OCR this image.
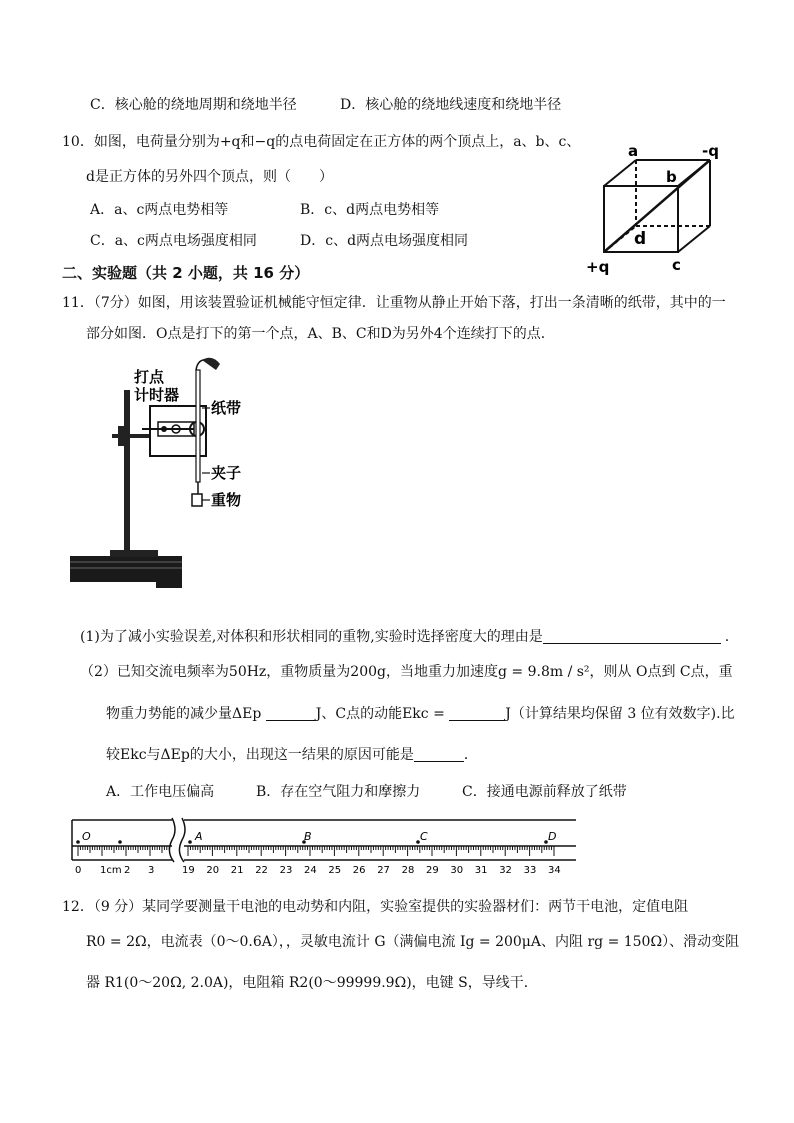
C．核心舱的绕地周期和绕地半径	D．核心舱的绕地线速度和绕地半径
10．如图，电荷量分别为+q和−q的点电荷固定在正方体的两个顶点上，a、b、c、
d是正方体的另外四个顶点，则（　　）
A．a、c两点电势相等	B．c、d两点电势相等
C．a、c两点电场强度相同	D．c、d两点电场强度相同
a	-q
b
d
c
+q
二、实验题（共 2 小题，共 16 分）
11．（7分）如图，用该装置验证机械能守恒定律．让重物从静止开始下落，打出一条清晰的纸带，其中的一
部分如图．O点是打下的第一个点，A、B、C和D为另外4个连续打下的点．
打点
计时器
纸带
夹子
重物
(1)为了减小实验误差,对体积和形状相同的重物,实验时选择密度大的理由是	.
（2）已知交流电频率为50Hz，重物质量为200g，当地重力加速度g = 9.8m / s²，则从 O点到 C点，重
物重力势能的减少量ΔEp	J、C点的动能Ekc =	J（计算结果均保留 3 位有效数字).比
较Ekc与ΔEp的大小，出现这一结果的原因可能是	．
A．工作电压偏高	B．存在空气阻力和摩擦力	C．接通电源前释放了纸带
O	A	B	C	D
0 1cm 2 3	19 20 21 22 23 24 25 26 27 28 29 30 31 32 33 34
12．（9 分）某同学要测量干电池的电动势和内阻，实验室提供的实验器材们：两节干电池，定值电阻
R0 = 2Ω，电流表（0～0.6A），，灵敏电流计 G（满偏电流 Ig = 200μA、内阻 rg = 150Ω）、滑动变阻
器 R1(0～20Ω, 2.0A)，电阻箱 R2(0～99999.9Ω)，电键 S，导线干．
